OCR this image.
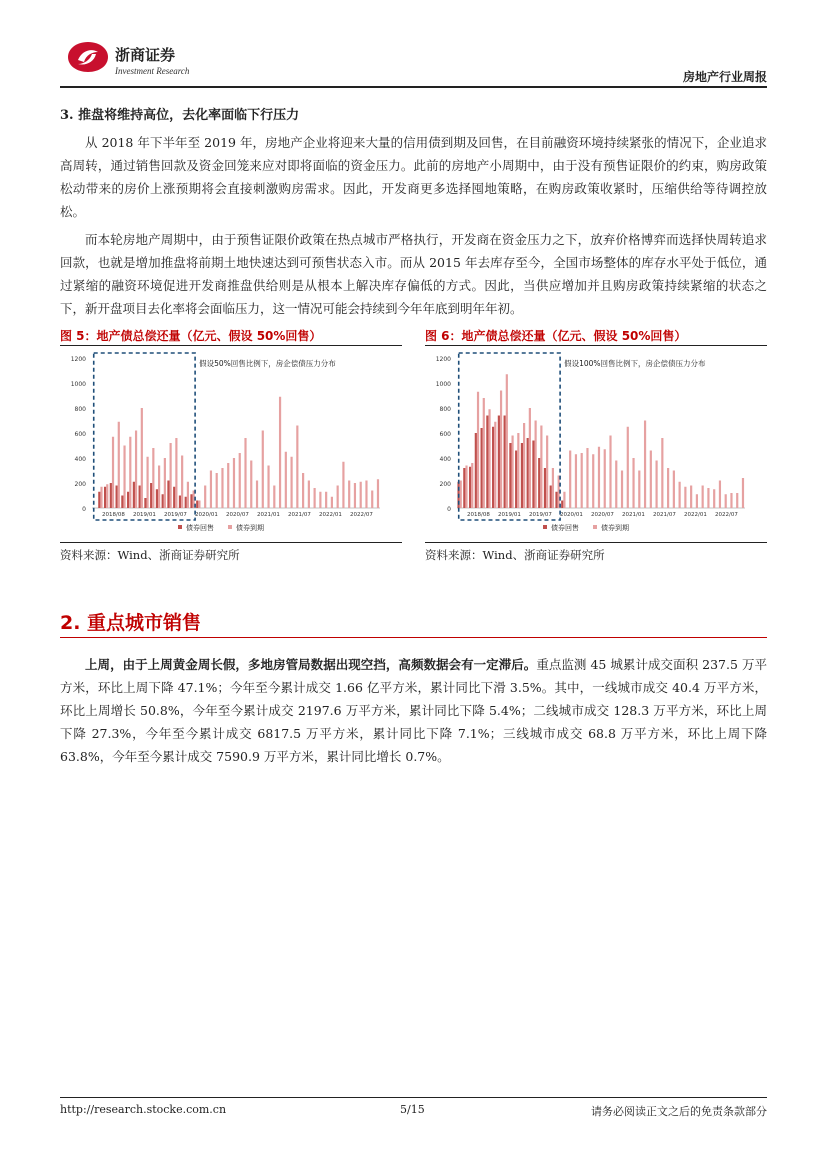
浙商证券
Investment Research	房地产行业周报
3. 推盘将维持高位，去化率面临下行压力

从 2018 年下半年至 2019 年，房地产企业将迎来大量的信用债到期及回售，在目前融资环境持续紧张的情况下，企业追求高周转，通过销售回款及资金回笼来应对即将面临的资金压力。此前的房地产小周期中，由于没有预售证限价的约束，购房政策松动带来的房价上涨预期将会直接刺激购房需求。因此，开发商更多选择囤地策略，在购房政策收紧时，压缩供给等待调控放松。

而本轮房地产周期中，由于预售证限价政策在热点城市严格执行，开发商在资金压力之下，放弃价格博弈而选择快周转追求回款，也就是增加推盘将前期土地快速达到可预售状态入市。而从 2015 年去库存至今，全国市场整体的库存水平处于低位，通过紧缩的融资环境促进开发商推盘供给则是从根本上解决库存偏低的方式。因此，当供应增加并且购房政策持续紧缩的状态之下，新开盘项目去化率将会面临压力，这一情况可能会持续到今年年底到明年年初。

图 5：地产债总偿还量（亿元、假设 50%回售）
0
200
400
600
800
1000
1200
2018/08 2019/01 2019/07 2020/01 2020/07 2021/01 2021/07 2022/01 2022/07
假设50%回售比例下，房企偿债压力分布
债券回售	债券到期
资料来源：Wind、浙商证券研究所
图 6：地产债总偿还量（亿元、假设 50%回售）
0
200
400
600
800
1000
1200
2018/08 2019/01 2019/07 2020/01 2020/07 2021/01 2021/07 2022/01 2022/07
假设100%回售比例下，房企偿债压力分布
债券回售	债券到期
资料来源：Wind、浙商证券研究所
2. 重点城市销售

上周，由于上周黄金周长假，多地房管局数据出现空挡，高频数据会有一定滞后。重点监测 45 城累计成交面积 237.5 万平方米，环比上周下降 47.1%；今年至今累计成交 1.66 亿平方米，累计同比下滑 3.5%。其中，一线城市成交 40.4 万平方米，环比上周增长 50.8%，今年至今累计成交 2197.6 万平方米，累计同比下降 5.4%；二线城市成交 128.3 万平方米，环比上周下降 27.3%，今年至今累计成交 6817.5 万平方米，累计同比下降 7.1%；三线城市成交 68.8 万平方米，环比上周下降 63.8%，今年至今累计成交 7590.9 万平方米，累计同比增长 0.7%。

http://research.stocke.com.cn	5/15	请务必阅读正文之后的免责条款部分
